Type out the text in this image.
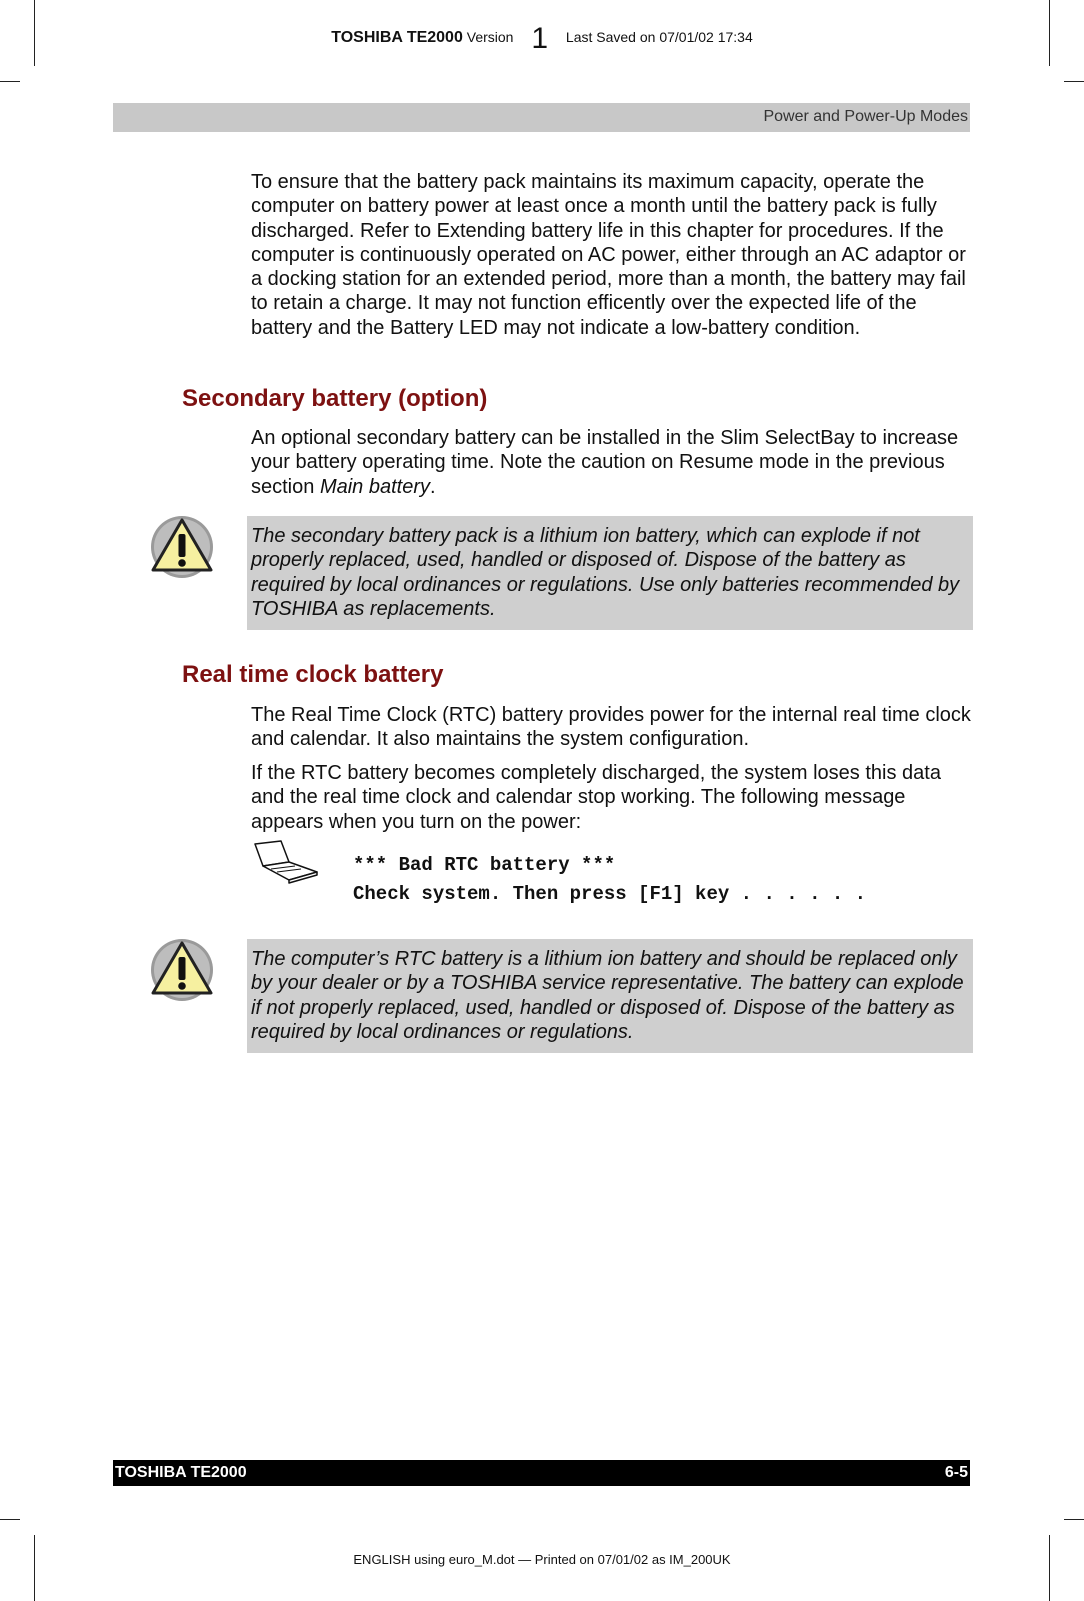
TOSHIBA TE2000 Version 1 Last Saved on 07/01/02 17:34
Power and Power-Up Modes

To ensure that the battery pack maintains its maximum capacity, operate the computer on battery power at least once a month until the battery pack is fully discharged. Refer to Extending battery life in this chapter for procedures. If the computer is continuously operated on AC power, either through an AC adaptor or a docking station for an extended period, more than a month, the battery may fail to retain a charge. It may not function efficently over the expected life of the battery and the Battery LED may not indicate a low-battery condition.

Secondary battery (option)

An optional secondary battery can be installed in the Slim SelectBay to increase your battery operating time. Note the caution on Resume mode in the previous section Main battery.

The secondary battery pack is a lithium ion battery, which can explode if not properly replaced, used, handled or disposed of. Dispose of the battery as required by local ordinances or regulations. Use only batteries recommended by TOSHIBA as replacements.

Real time clock battery

The Real Time Clock (RTC) battery provides power for the internal real time clock and calendar. It also maintains the system configuration.

If the RTC battery becomes completely discharged, the system loses this data and the real time clock and calendar stop working. The following message appears when you turn on the power:

*** Bad RTC battery ***
Check system. Then press [F1] key . . . . . .

The computer’s RTC battery is a lithium ion battery and should be replaced only by your dealer or by a TOSHIBA service representative. The battery can explode if not properly replaced, used, handled or disposed of. Dispose of the battery as required by local ordinances or regulations.

TOSHIBA TE2000	6-5
ENGLISH using euro_M.dot — Printed on 07/01/02 as IM_200UK
